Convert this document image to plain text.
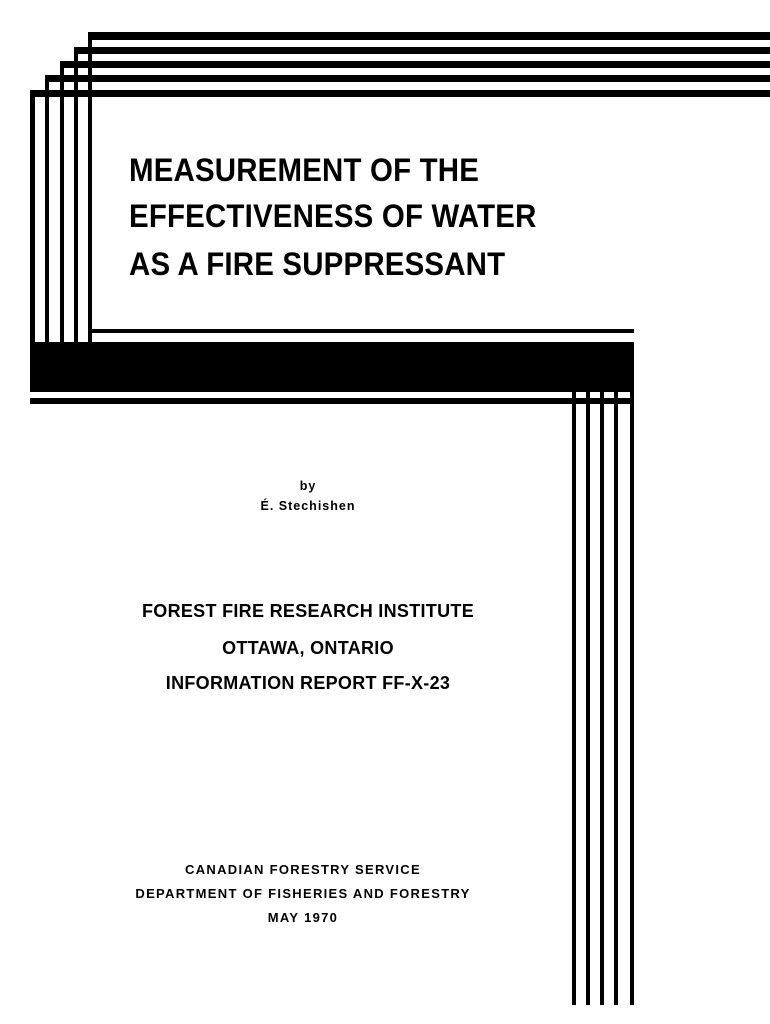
MEASUREMENT OF THE
EFFECTIVENESS OF WATER
AS A FIRE SUPPRESSANT
by
É. Stechishen
FOREST FIRE RESEARCH INSTITUTE
OTTAWA, ONTARIO
INFORMATION REPORT FF-X-23
CANADIAN FORESTRY SERVICE
DEPARTMENT OF FISHERIES AND FORESTRY
MAY 1970
